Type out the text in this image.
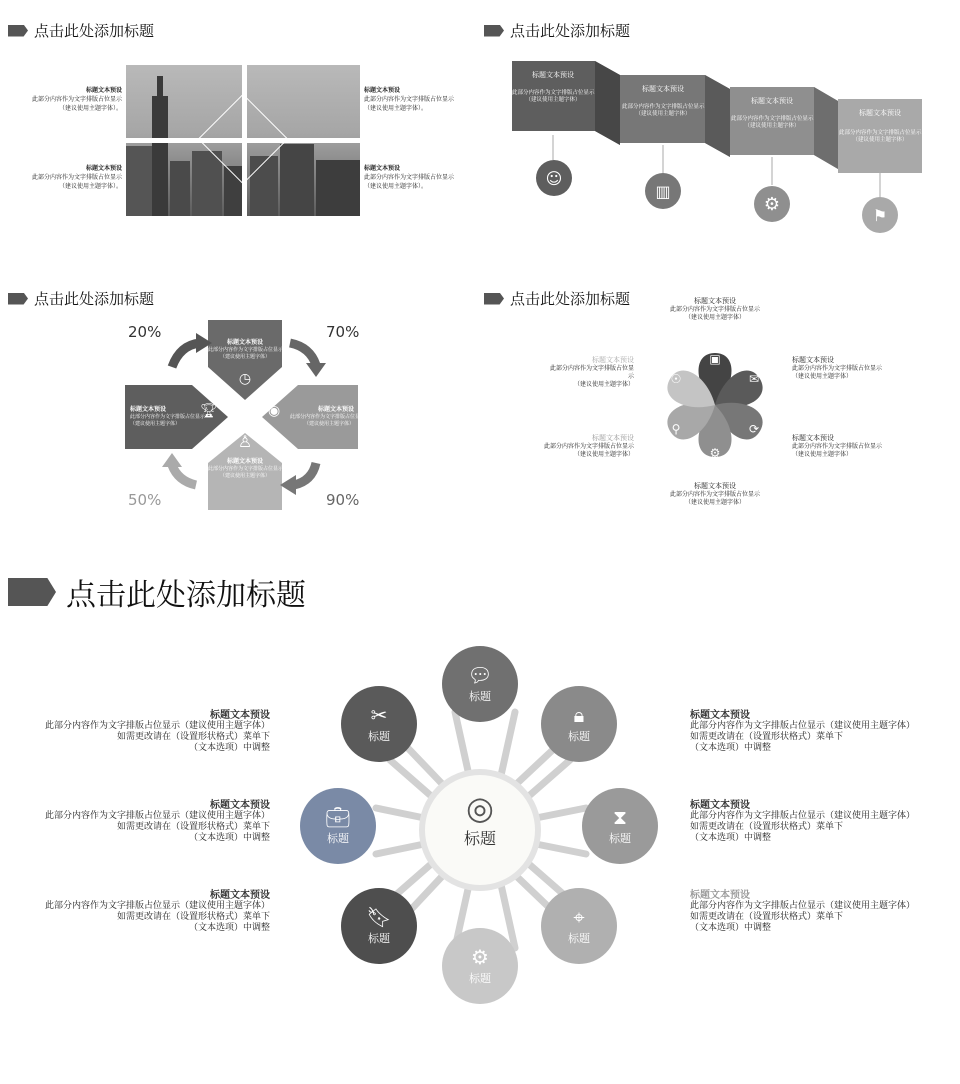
点击此处添加标题
标题文本预设
此部分内容作为文字排版占位显示
（建议使用主题字体）。
标题文本预设
此部分内容作为文字排版占位显示
（建议使用主题字体）。
标题文本预设
此部分内容作为文字排版占位显示
（建议使用主题字体）。
标题文本预设
此部分内容作为文字排版占位显示
（建议使用主题字体）。
点击此处添加标题
标题文本预设
此部分内容作为文字排版占位显示
（建议使用主题字体）
标题文本预设
此部分内容作为文字排版占位显示
（建议使用主题字体）
标题文本预设
此部分内容作为文字排版占位显示
（建议使用主题字体）
标题文本预设
此部分内容作为文字排版占位显示
（建议使用主题字体）
☺
▥
⚙
⚑
点击此处添加标题
20%	70%
50%	90%
标题文本预设
此部分内容作为文字排版占位显示
（建议使用主题字体）
◷
标题文本预设
此部分内容作为文字排版占位显示
（建议使用主题字体）
🏆︎	◉	标题文本预设
此部分内容作为文字排版占位显示
（建议使用主题字体）
♙
标题文本预设
此部分内容作为文字排版占位显示
（建议使用主题字体）
点击此处添加标题
▣
✉
⟳
⚙
⚲
☉
标题文本预设
此部分内容作为文字排版占位显示
（建议使用主题字体）
标题文本预设
此部分内容作为文字排版占位显示
（建议使用主题字体）
标题文本预设
此部分内容作为文字排版占位显示
（建议使用主题字体）
标题文本预设
此部分内容作为文字排版占位显示
（建议使用主题字体）
标题文本预设
此部分内容作为文字排版占位显
示
（建议使用主题字体）
标题文本预设
此部分内容作为文字排版占位显示
（建议使用主题字体）
点击此处添加标题
◎
标题
💬︎
标题
🔒︎
标题
⧗
标题
⌖
标题
⚙
标题
🔖︎
标题
💼︎
标题
✂
标题
标题文本预设
此部分内容作为文字排版占位显示（建议使用主题字体）
如需更改请在（设置形状格式）菜单下
（文本选项）中调整
标题文本预设
此部分内容作为文字排版占位显示（建议使用主题字体）
如需更改请在（设置形状格式）菜单下
（文本选项）中调整
标题文本预设
此部分内容作为文字排版占位显示（建议使用主题字体）
如需更改请在（设置形状格式）菜单下
（文本选项）中调整
标题文本预设
此部分内容作为文字排版占位显示（建议使用主题字体）
如需更改请在（设置形状格式）菜单下
（文本选项）中调整
标题文本预设
此部分内容作为文字排版占位显示（建议使用主题字体）
如需更改请在（设置形状格式）菜单下
（文本选项）中调整
标题文本预设
此部分内容作为文字排版占位显示（建议使用主题字体）
如需更改请在（设置形状格式）菜单下
（文本选项）中调整
